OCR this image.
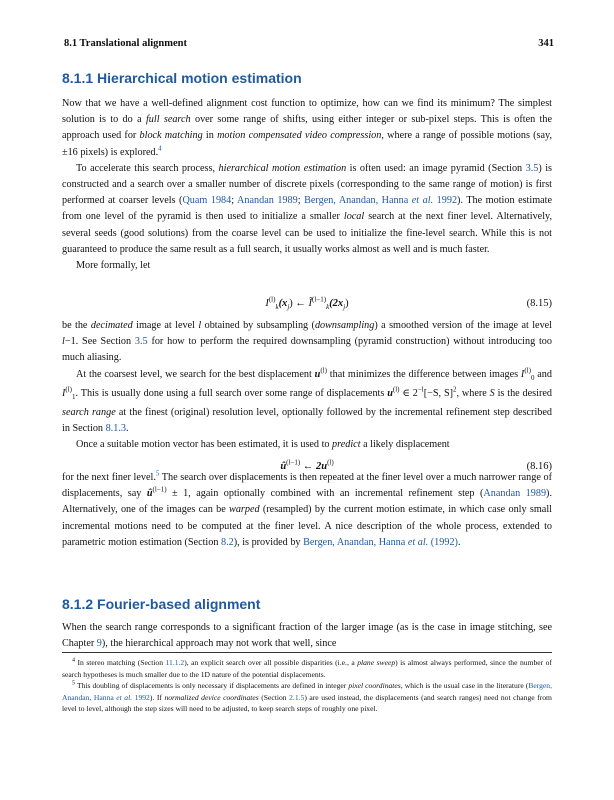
8.1 Translational alignment	341
8.1.1 Hierarchical motion estimation

Now that we have a well-defined alignment cost function to optimize, how can we find its minimum? The simplest solution is to do a full search over some range of shifts, using either integer or sub-pixel steps. This is often the approach used for block matching in motion compensated video compression, where a range of possible motions (say, ±16 pixels) is explored.$^4$

To accelerate this search process, hierarchical motion estimation is often used: an image pyramid (Section 3.5) is constructed and a search over a smaller number of discrete pixels (corresponding to the same range of motion) is first performed at coarser levels (Quam 1984; Anandan 1989; Bergen, Anandan, Hanna et al. 1992). The motion estimate from one level of the pyramid is then used to initialize a smaller local search at the next finer level. Alternatively, several seeds (good solutions) from the coarse level can be used to initialize the fine-level search. While this is not guaranteed to produce the same result as a full search, it usually works almost as well and is much faster.

More formally, let

$I^{(l)}_k(x_j)$ ← $Ĩ^{(l-1)}_k(2x_j)$	(8.15)

be the decimated image at level l obtained by subsampling (downsampling) a smoothed version of the image at level l−1. See Section 3.5 for how to perform the required downsampling (pyramid construction) without introducing too much aliasing.

At the coarsest level, we search for the best displacement $u^{(l)}$ that minimizes the difference between images $I^{(l)}_0$ and $I^{(l)}_1$. This is usually done using a full search over some range of displacements $u^{(l)}$ ∈ $2^{-l}[-S$, S]$^2$, where S is the desired search range at the finest (original) resolution level, optionally followed by the incremental refinement step described in Section 8.1.3.

Once a suitable motion vector has been estimated, it is used to predict a likely displacement

$û^{(l-1)}$ ← $2u^{(l)}$	(8.16)

for the next finer level.$^5$ The search over displacements is then repeated at the finer level over a much narrower range of displacements, say $û^{(l-1)} \pm 1$, again optionally combined with an incremental refinement step (Anandan 1989). Alternatively, one of the images can be warped (resampled) by the current motion estimate, in which case only small incremental motions need to be computed at the finer level. A nice description of the whole process, extended to parametric motion estimation (Section 8.2), is provided by Bergen, Anandan, Hanna et al. (1992).

8.1.2 Fourier-based alignment

When the search range corresponds to a significant fraction of the larger image (as is the case in image stitching, see Chapter 9), the hierarchical approach may not work that well, since

$^4$ In stereo matching (Section 11.1.2), an explicit search over all possible disparities (i.e., a plane sweep) is almost always performed, since the number of search hypotheses is much smaller due to the 1D nature of the potential displacements.

$^5$ This doubling of displacements is only necessary if displacements are defined in integer pixel coordinates, which is the usual case in the literature (Bergen, Anandan, Hanna et al. 1992). If normalized device coordinates (Section 2.1.5) are used instead, the displacements (and search ranges) need not change from level to level, although the step sizes will need to be adjusted, to keep search steps of roughly one pixel.
